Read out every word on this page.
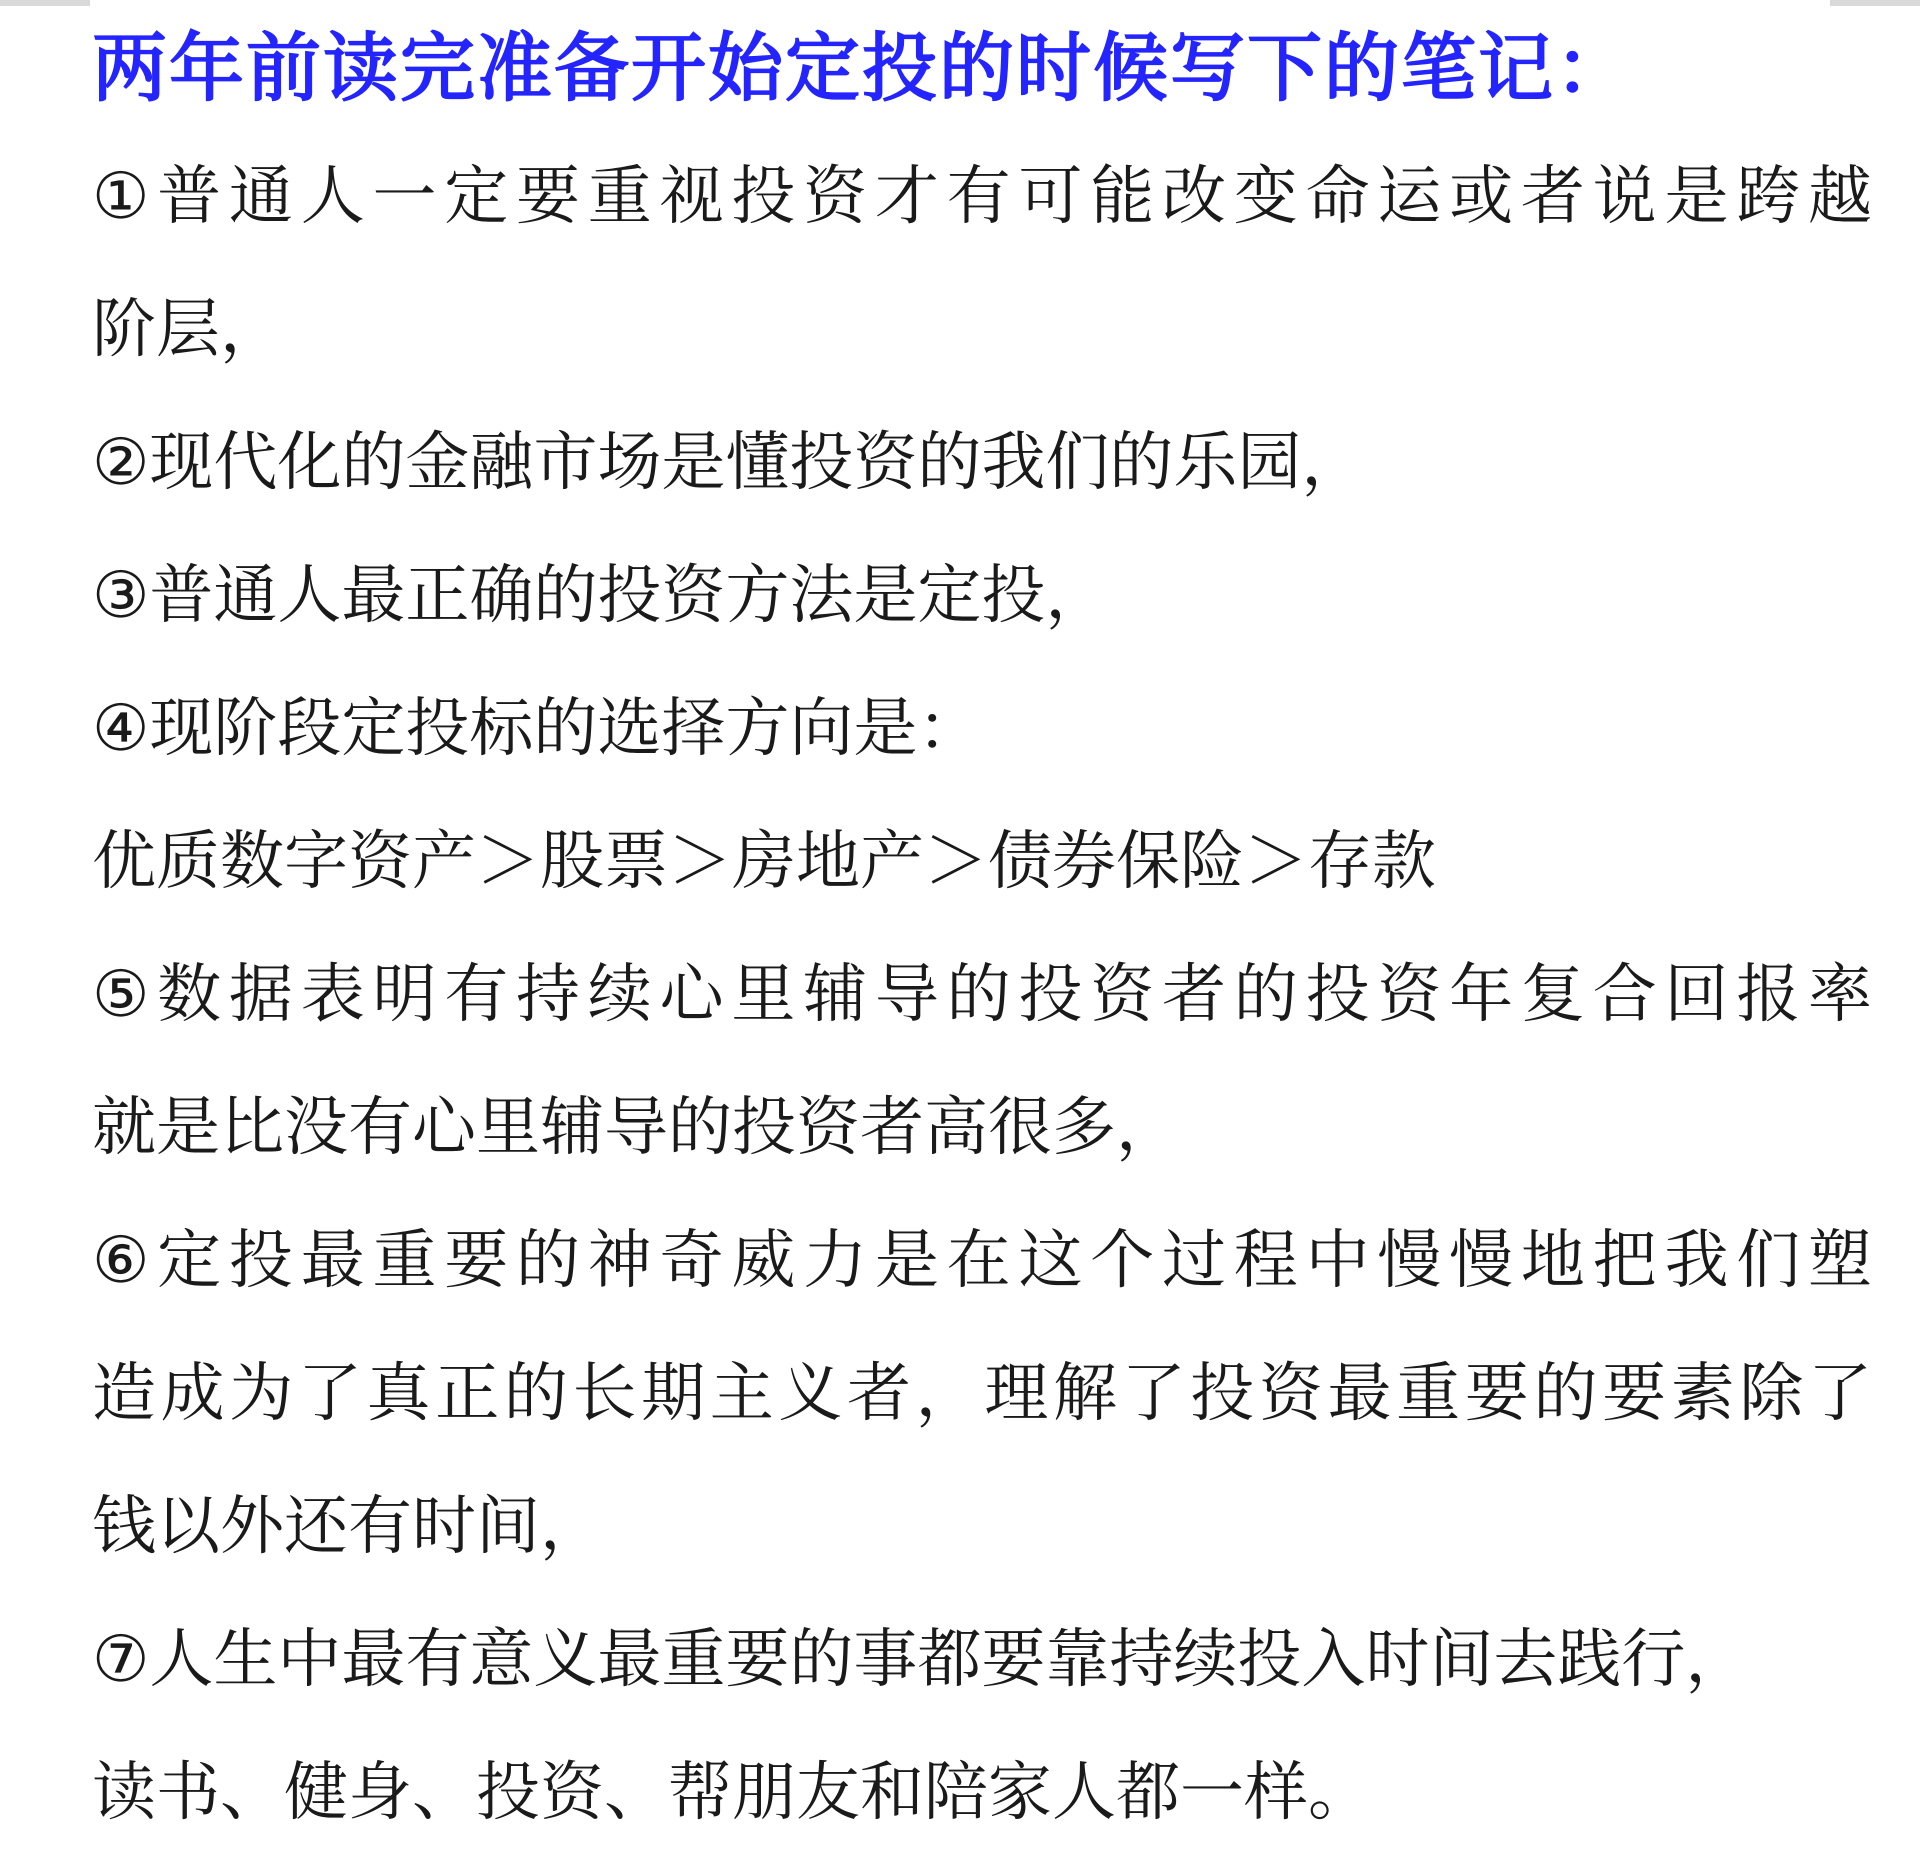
两年前读完准备开始定投的时候写下的笔记：
①普通人一定要重视投资才有可能改变命运或者说是跨越
阶层，
②现代化的金融市场是懂投资的我们的乐园，
③普通人最正确的投资方法是定投，
④现阶段定投标的选择方向是：
优质数字资产＞股票＞房地产＞债券保险＞存款
⑤数据表明有持续心里辅导的投资者的投资年复合回报率
就是比没有心里辅导的投资者高很多，
⑥定投最重要的神奇威力是在这个过程中慢慢地把我们塑
造成为了真正的长期主义者，理解了投资最重要的要素除了
钱以外还有时间，
⑦人生中最有意义最重要的事都要靠持续投入时间去践行，
读书、健身、投资、帮朋友和陪家人都一样。
